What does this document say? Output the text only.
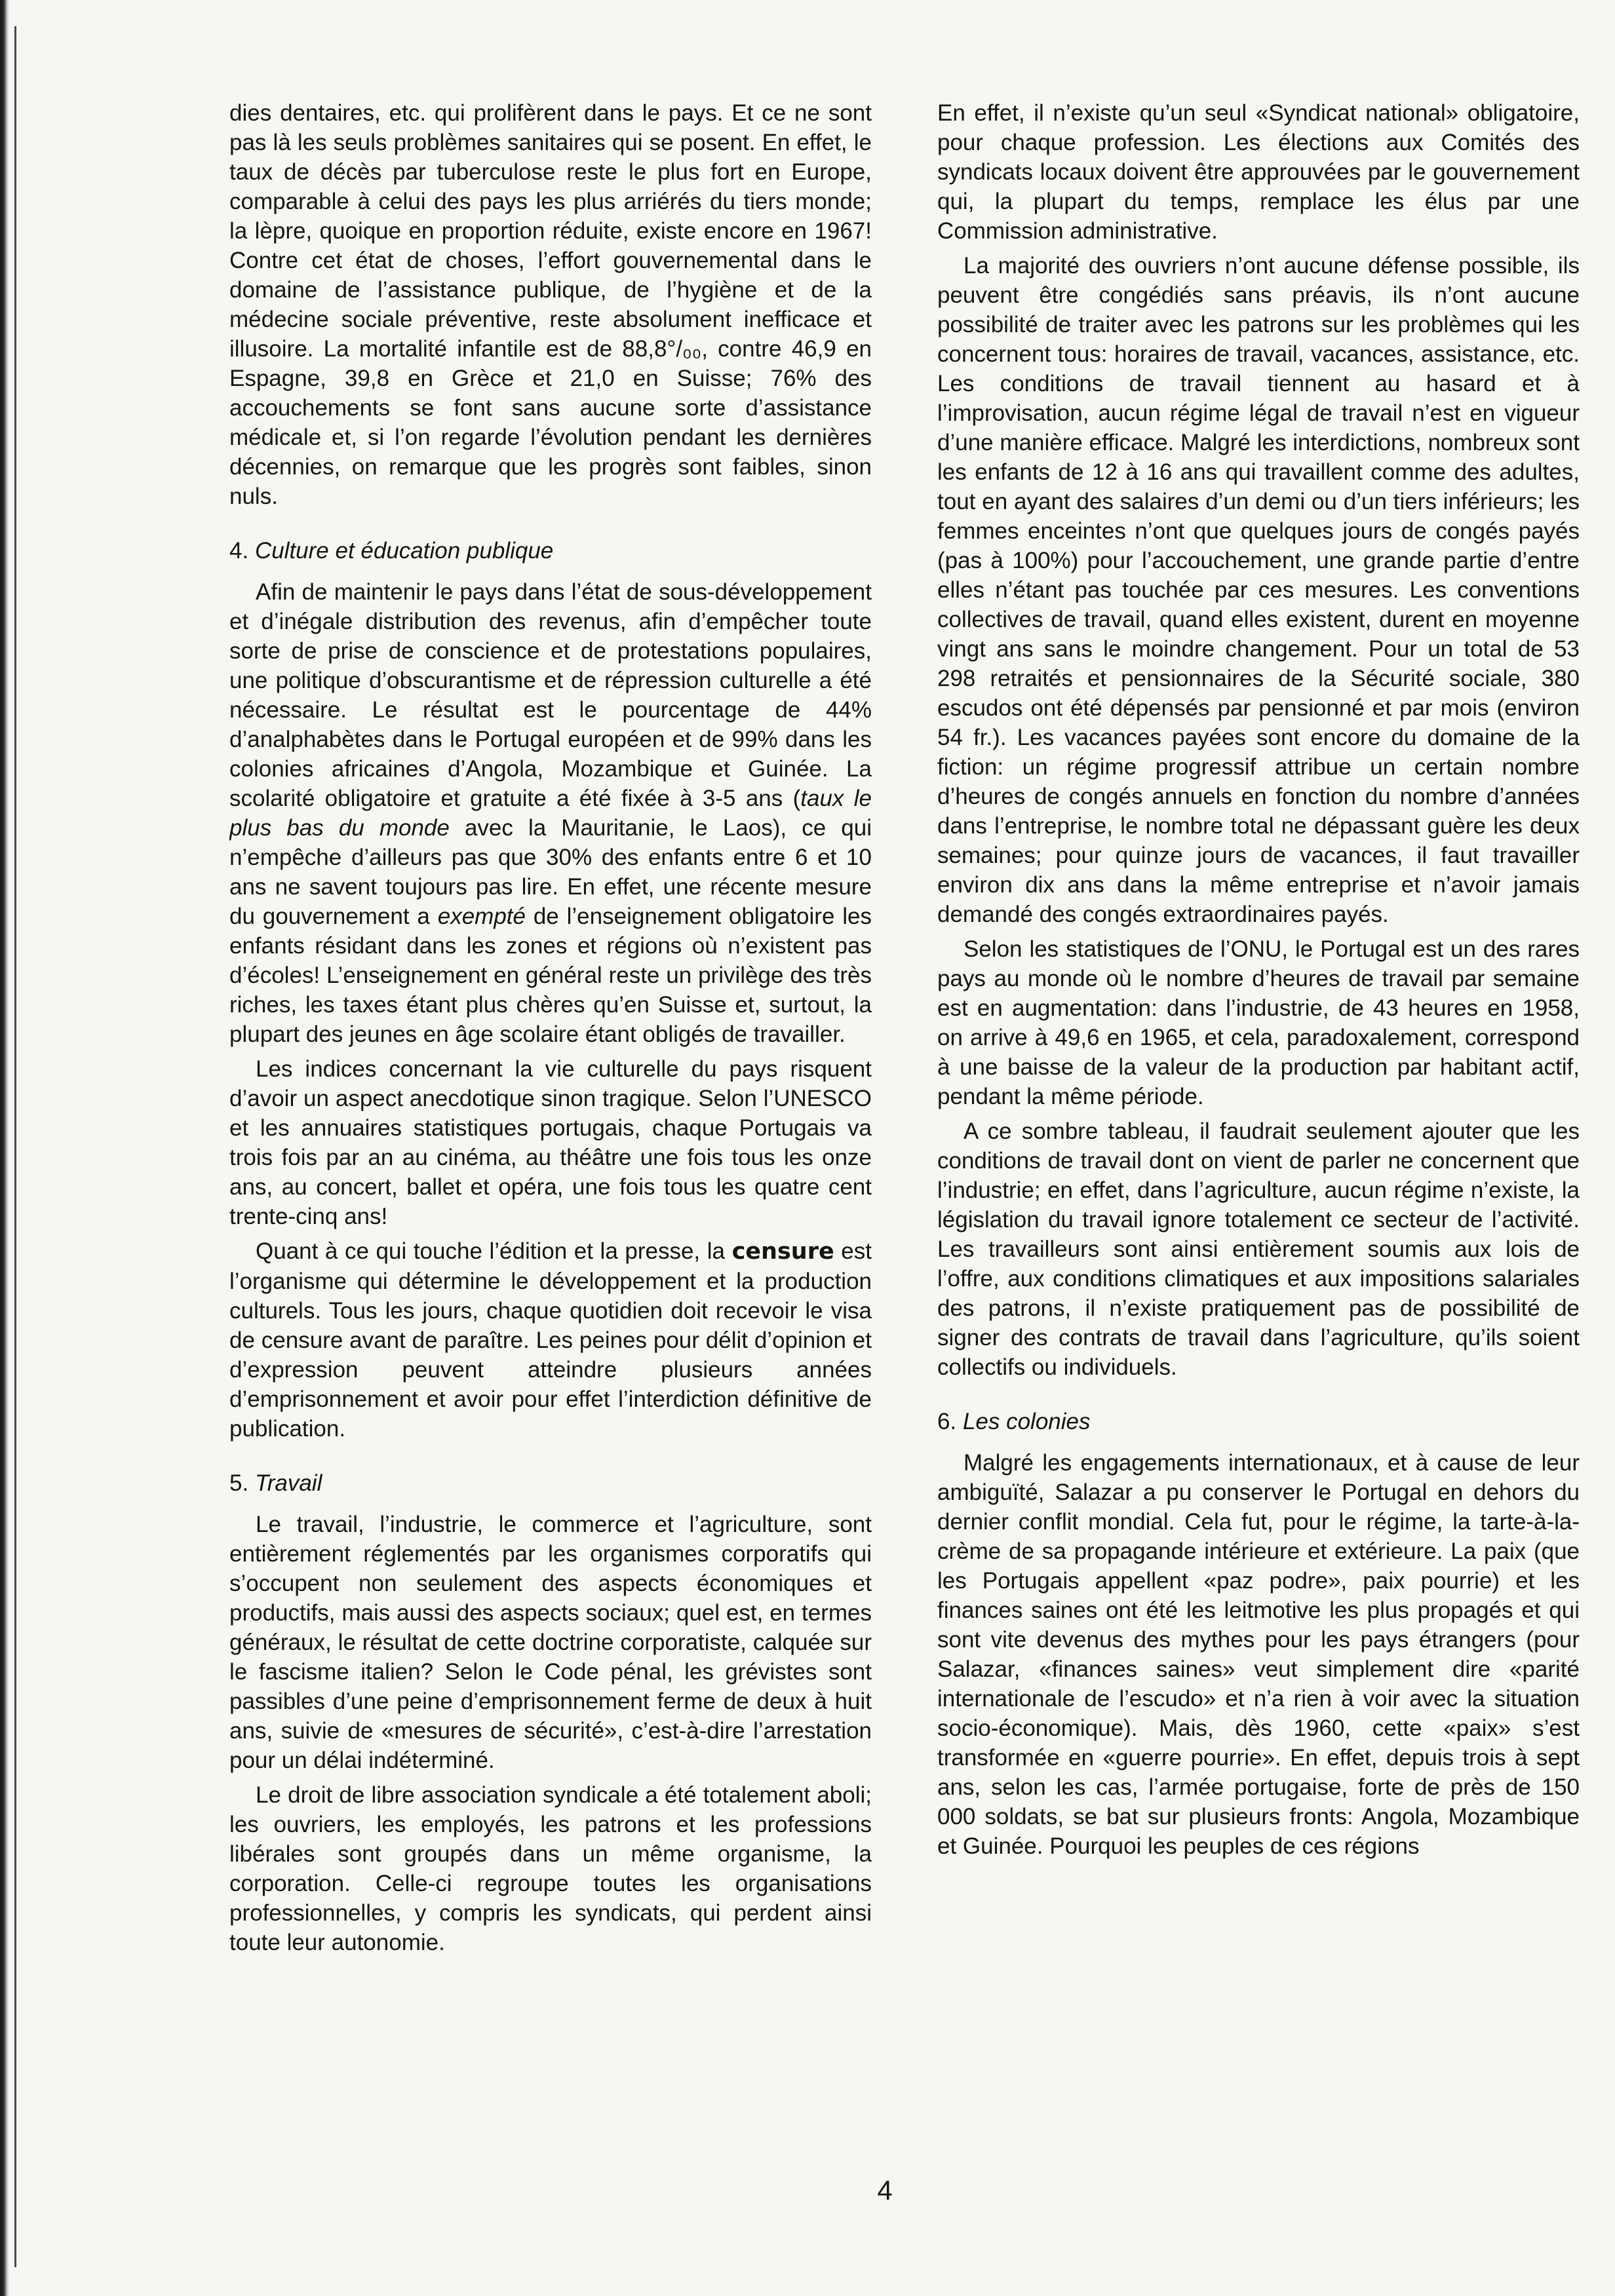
dies dentaires, etc. qui prolifèrent dans le pays. Et ce ne sont pas là les seuls problèmes sanitaires qui se posent. En effet, le taux de décès par tuberculose reste le plus fort en Europe, comparable à celui des pays les plus arriérés du tiers monde; la lèpre, quoique en proportion réduite, existe encore en 1967! Contre cet état de choses, l’effort gouvernemental dans le domaine de l’assistance publique, de l’hygiène et de la médecine sociale préventive, reste absolument inefficace et illusoire. La mortalité infantile est de 88,8°/₀₀, contre 46,9 en Espagne, 39,8 en Grèce et 21,0 en Suisse; 76% des accouchements se font sans aucune sorte d’assistance médicale et, si l’on regarde l’évolution pendant les dernières décennies, on remarque que les progrès sont faibles, sinon nuls.

4. Culture et éducation publique

Afin de maintenir le pays dans l’état de sous-développement et d’inégale distribution des revenus, afin d’empêcher toute sorte de prise de conscience et de protestations populaires, une politique d’obscurantisme et de répression culturelle a été nécessaire. Le résultat est le pourcentage de 44% d’analphabètes dans le Portugal européen et de 99% dans les colonies africaines d’Angola, Mozambique et Guinée. La scolarité obligatoire et gratuite a été fixée à 3-5 ans (taux le plus bas du monde avec la Mauritanie, le Laos), ce qui n’empêche d’ailleurs pas que 30% des enfants entre 6 et 10 ans ne savent toujours pas lire. En effet, une récente mesure du gouvernement a exempté de l’enseignement obligatoire les enfants résidant dans les zones et régions où n’existent pas d’écoles! L’enseignement en général reste un privilège des très riches, les taxes étant plus chères qu’en Suisse et, surtout, la plupart des jeunes en âge scolaire étant obligés de travailler.

Les indices concernant la vie culturelle du pays risquent d’avoir un aspect anecdotique sinon tragique. Selon l’UNESCO et les annuaires statistiques portugais, chaque Portugais va trois fois par an au cinéma, au théâtre une fois tous les onze ans, au concert, ballet et opéra, une fois tous les quatre cent trente-cinq ans!

Quant à ce qui touche l’édition et la presse, la censure est l’organisme qui détermine le développement et la production culturels. Tous les jours, chaque quotidien doit recevoir le visa de censure avant de paraître. Les peines pour délit d’opinion et d’expression peuvent atteindre plusieurs années d’emprisonnement et avoir pour effet l’interdiction définitive de publication.

5. Travail

Le travail, l’industrie, le commerce et l’agriculture, sont entièrement réglementés par les organismes corporatifs qui s’occupent non seulement des aspects économiques et productifs, mais aussi des aspects sociaux; quel est, en termes généraux, le résultat de cette doctrine corporatiste, calquée sur le fascisme italien? Selon le Code pénal, les grévistes sont passibles d’une peine d’emprisonnement ferme de deux à huit ans, suivie de «mesures de sécurité», c’est-à-dire l’arrestation pour un délai indéterminé.

Le droit de libre association syndicale a été totalement aboli; les ouvriers, les employés, les patrons et les professions libérales sont groupés dans un même organisme, la corporation. Celle-ci regroupe toutes les organisations professionnelles, y compris les syndicats, qui perdent ainsi toute leur autonomie.

En effet, il n’existe qu’un seul «Syndicat national» obligatoire, pour chaque profession. Les élections aux Comités des syndicats locaux doivent être approuvées par le gouvernement qui, la plupart du temps, remplace les élus par une Commission administrative.

La majorité des ouvriers n’ont aucune défense possible, ils peuvent être congédiés sans préavis, ils n’ont aucune possibilité de traiter avec les patrons sur les problèmes qui les concernent tous: horaires de travail, vacances, assistance, etc. Les conditions de travail tiennent au hasard et à l’improvisation, aucun régime légal de travail n’est en vigueur d’une manière efficace. Malgré les interdictions, nombreux sont les enfants de 12 à 16 ans qui travaillent comme des adultes, tout en ayant des salaires d’un demi ou d’un tiers inférieurs; les femmes enceintes n’ont que quelques jours de congés payés (pas à 100%) pour l’accouchement, une grande partie d’entre elles n’étant pas touchée par ces mesures. Les conventions collectives de travail, quand elles existent, durent en moyenne vingt ans sans le moindre changement. Pour un total de 53 298 retraités et pensionnaires de la Sécurité sociale, 380 escudos ont été dépensés par pensionné et par mois (environ 54 fr.). Les vacances payées sont encore du domaine de la fiction: un régime progressif attribue un certain nombre d’heures de congés annuels en fonction du nombre d’années dans l’entreprise, le nombre total ne dépassant guère les deux semaines; pour quinze jours de vacances, il faut travailler environ dix ans dans la même entreprise et n’avoir jamais demandé des congés extraordinaires payés.

Selon les statistiques de l’ONU, le Portugal est un des rares pays au monde où le nombre d’heures de travail par semaine est en augmentation: dans l’industrie, de 43 heures en 1958, on arrive à 49,6 en 1965, et cela, paradoxalement, correspond à une baisse de la valeur de la production par habitant actif, pendant la même période.

A ce sombre tableau, il faudrait seulement ajouter que les conditions de travail dont on vient de parler ne concernent que l’industrie; en effet, dans l’agriculture, aucun régime n’existe, la législation du travail ignore totalement ce secteur de l’activité. Les travailleurs sont ainsi entièrement soumis aux lois de l’offre, aux conditions climatiques et aux impositions salariales des patrons, il n’existe pratiquement pas de possibilité de signer des contrats de travail dans l’agriculture, qu’ils soient collectifs ou individuels.

6. Les colonies

Malgré les engagements internationaux, et à cause de leur ambiguïté, Salazar a pu conserver le Portugal en dehors du dernier conflit mondial. Cela fut, pour le régime, la tarte-à-la-crème de sa propagande intérieure et extérieure. La paix (que les Portugais appellent «paz podre», paix pourrie) et les finances saines ont été les leitmotive les plus propagés et qui sont vite devenus des mythes pour les pays étrangers (pour Salazar, «finances saines» veut simplement dire «parité internationale de l’escudo» et n’a rien à voir avec la situation socio-économique). Mais, dès 1960, cette «paix» s’est transformée en «guerre pourrie». En effet, depuis trois à sept ans, selon les cas, l’armée portugaise, forte de près de 150 000 soldats, se bat sur plusieurs fronts: Angola, Mozambique et Guinée. Pourquoi les peuples de ces régions

4
